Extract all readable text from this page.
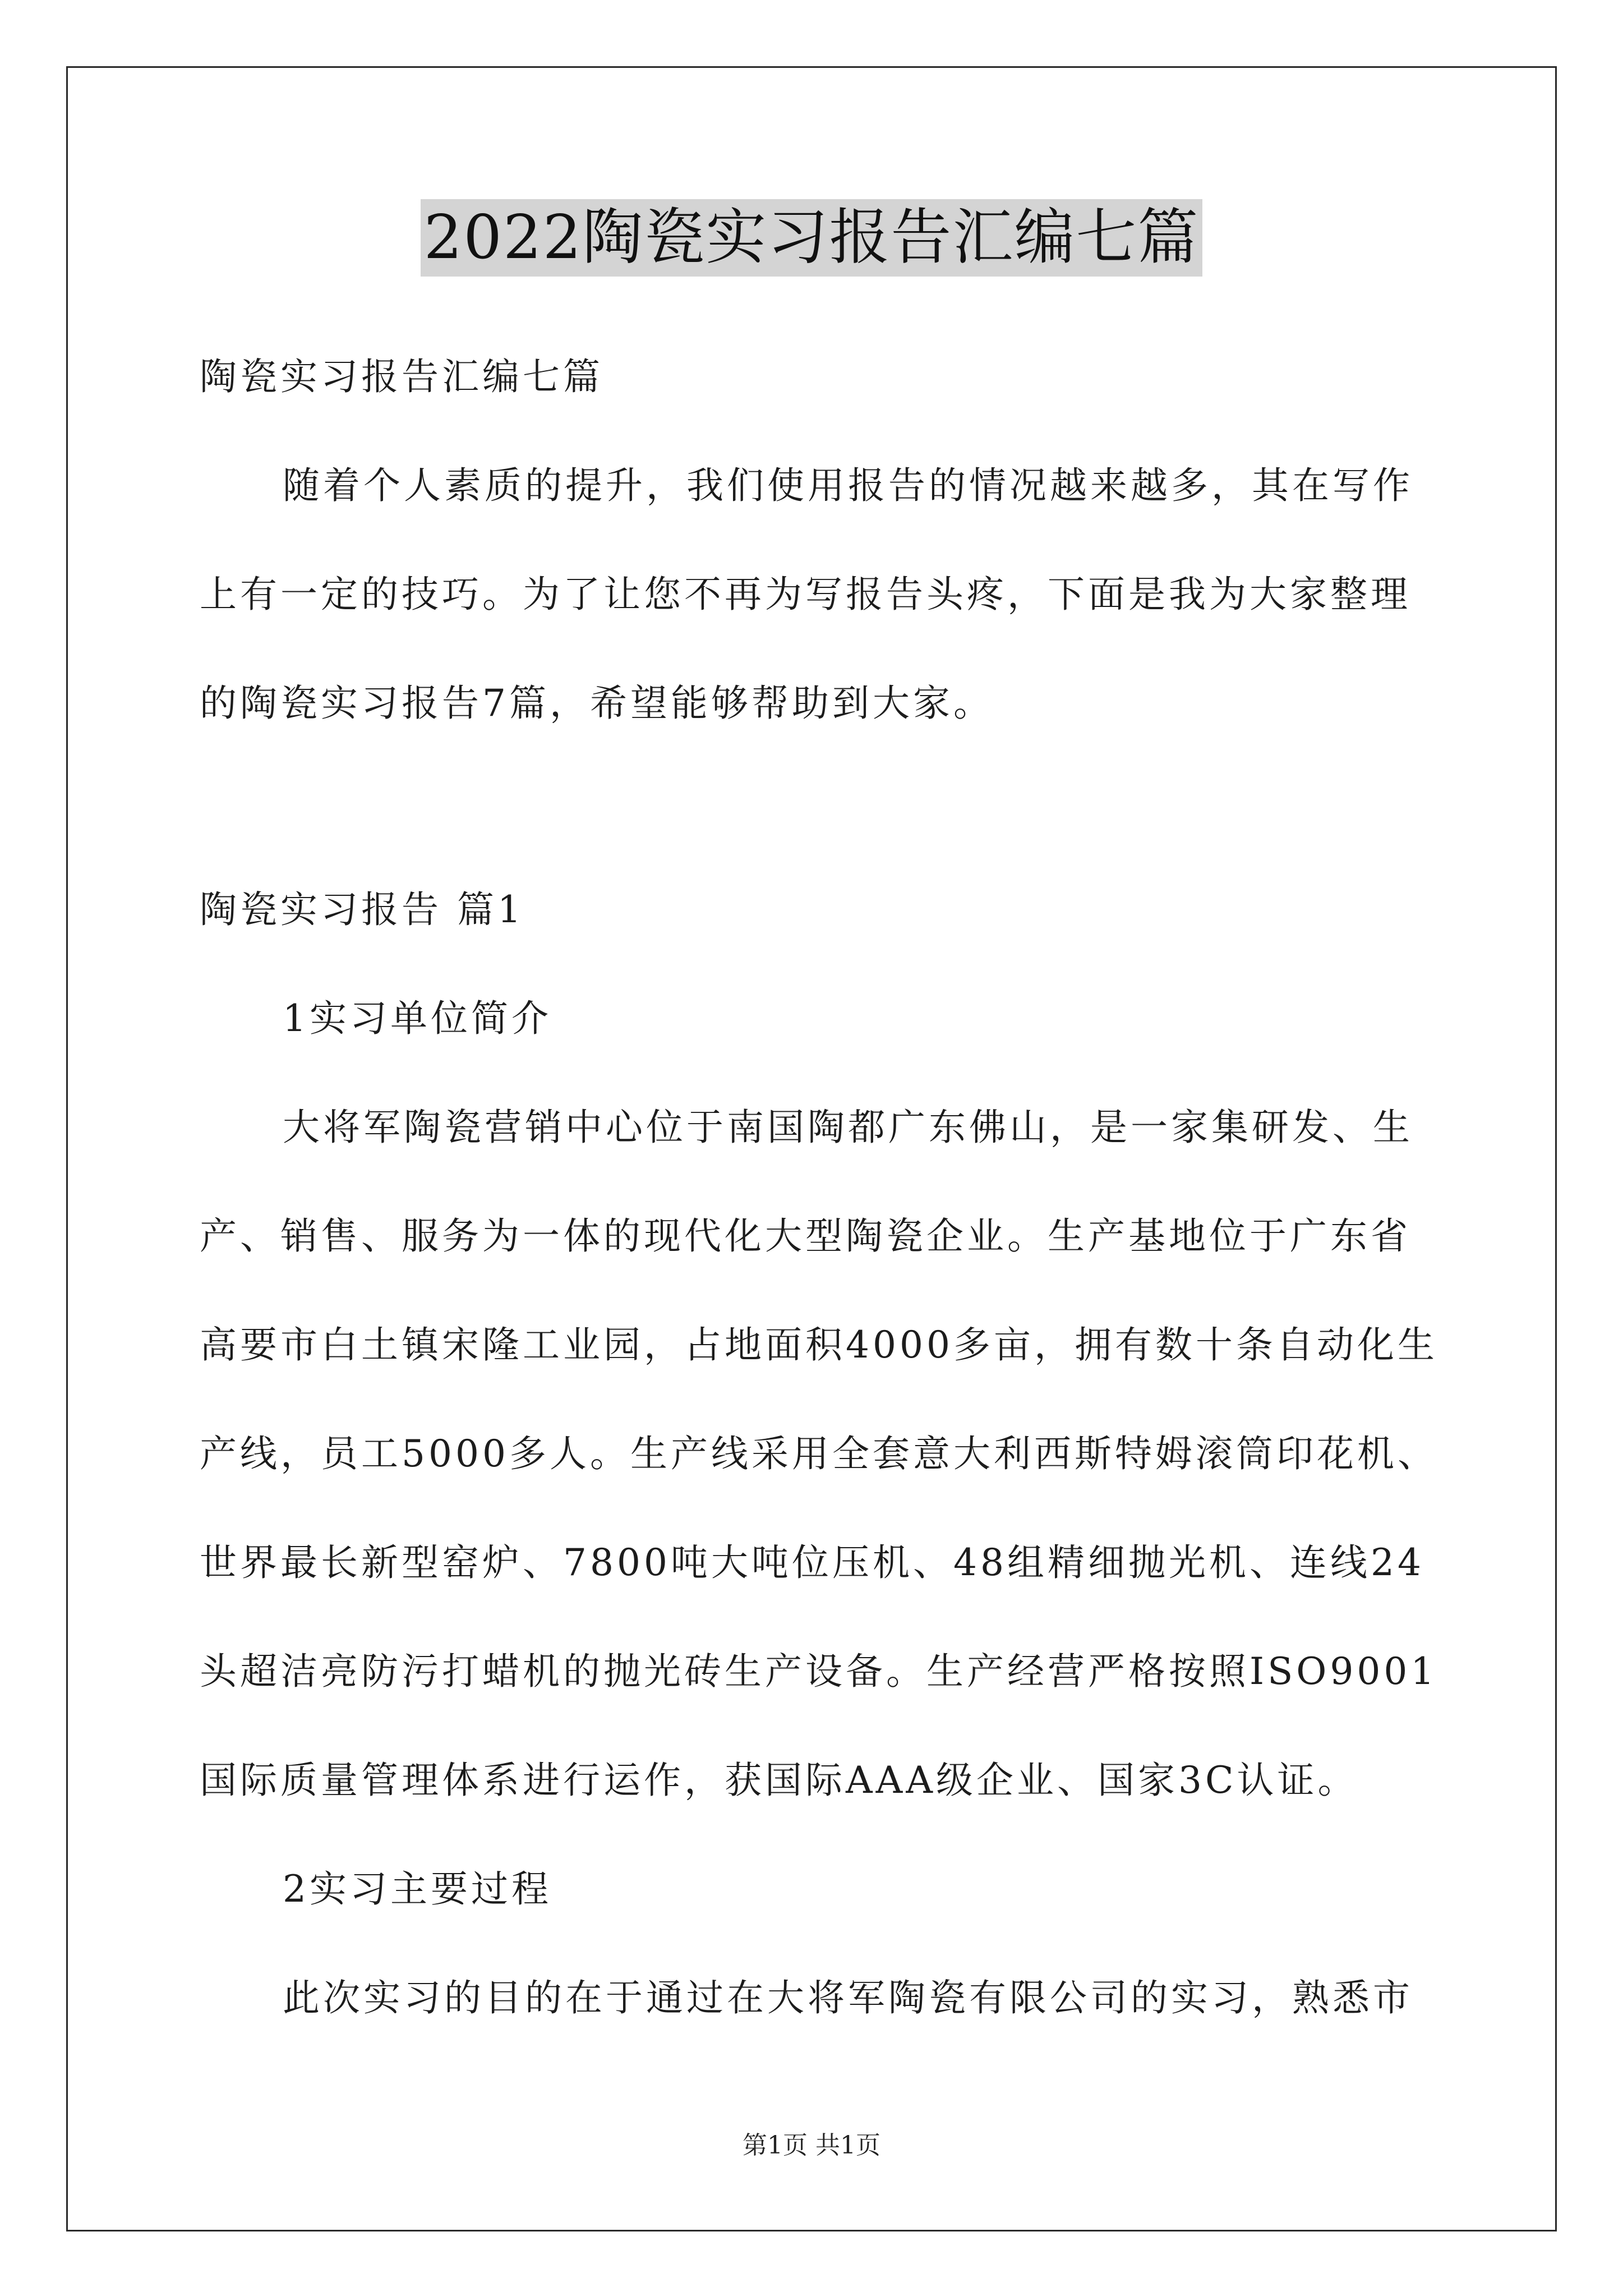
2022陶瓷实习报告汇编七篇
陶瓷实习报告汇编七篇
随着个人素质的提升，我们使用报告的情况越来越多，其在写作
上有一定的技巧。为了让您不再为写报告头疼，下面是我为大家整理
的陶瓷实习报告7篇，希望能够帮助到大家。
陶瓷实习报告 篇1
1实习单位简介
大将军陶瓷营销中心位于南国陶都广东佛山，是一家集研发、生
产、销售、服务为一体的现代化大型陶瓷企业。生产基地位于广东省
高要市白土镇宋隆工业园，占地面积4000多亩，拥有数十条自动化生
产线，员工5000多人。生产线采用全套意大利西斯特姆滚筒印花机、
世界最长新型窑炉、7800吨大吨位压机、48组精细抛光机、连线24
头超洁亮防污打蜡机的抛光砖生产设备。生产经营严格按照ISO9001
国际质量管理体系进行运作，获国际AAA级企业、国家3C认证。
2实习主要过程
此次实习的目的在于通过在大将军陶瓷有限公司的实习，熟悉市
第1页 共1页
